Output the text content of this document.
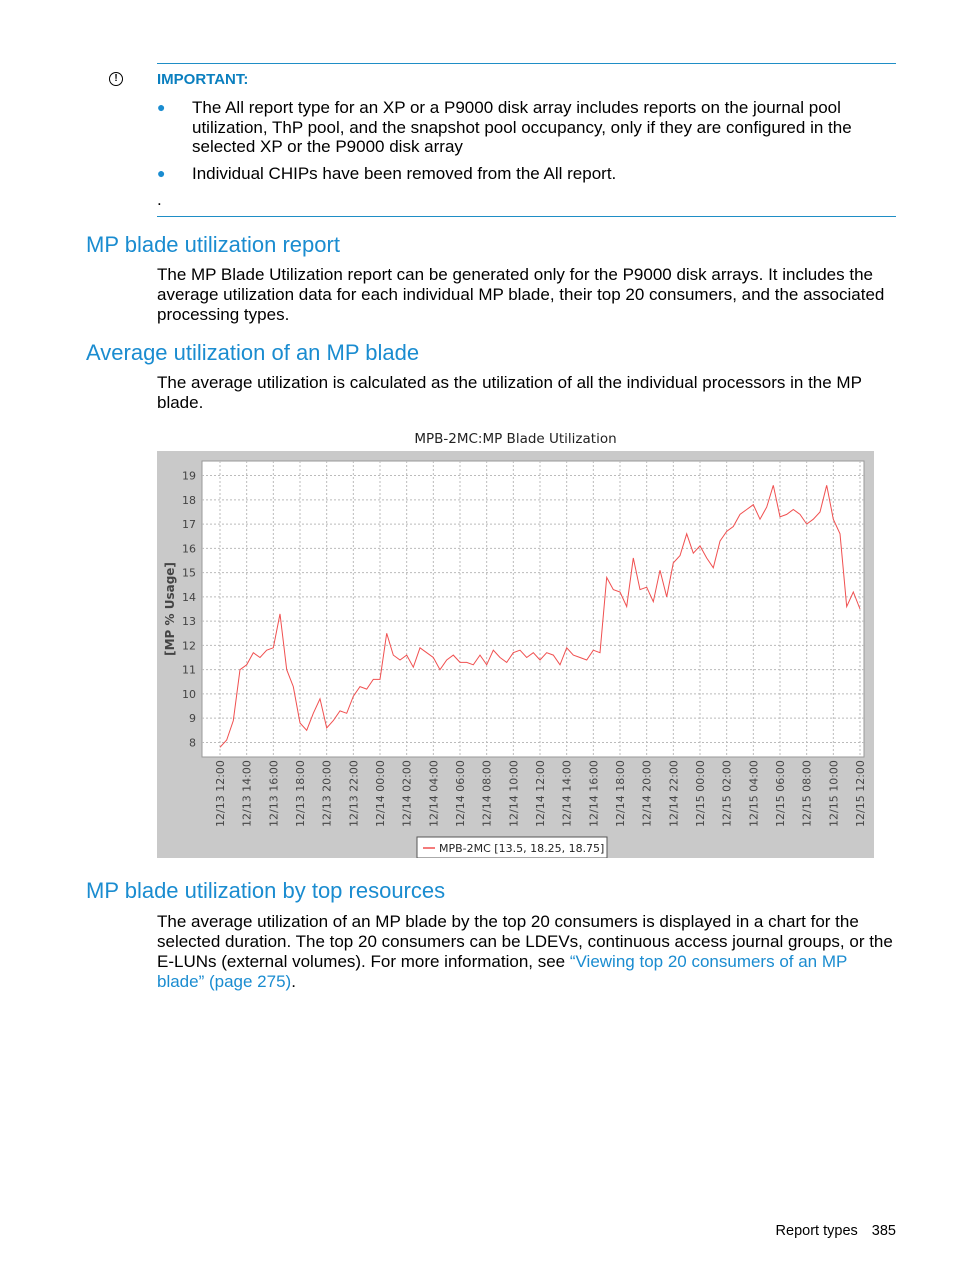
!	IMPORTANT:
●	The All report type for an XP or a P9000 disk array includes reports on the journal pool utilization, ThP pool, and the snapshot pool occupancy, only if they are configured in the selected XP or the P9000 disk array
●	Individual CHIPs have been removed from the All report.
.
MP blade utilization report

The MP Blade Utilization report can be generated only for the P9000 disk arrays. It includes the average utilization data for each individual MP blade, their top 20 consumers, and the associated processing types.

Average utilization of an MP blade

The average utilization is calculated as the utilization of all the individual processors in the MP blade.

MPB-2MC:MP Blade Utilization
8
9
10
11
12
13
14
15
16
17
18
19
12/13 12:00 12/13 14:00 12/13 16:00 12/13 18:00 12/13 20:00 12/13 22:00 12/14 00:00 12/14 02:00 12/14 04:00 12/14 06:00 12/14 08:00 12/14 10:00 12/14 12:00 12/14 14:00 12/14 16:00 12/14 18:00 12/14 20:00 12/14 22:00 12/15 00:00 12/15 02:00 12/15 04:00 12/15 06:00 12/15 08:00 12/15 10:00 12/15 12:00
[MP % Usage]
MPB-2MC [13.5, 18.25, 18.75]
MP blade utilization by top resources

The average utilization of an MP blade by the top 20 consumers is displayed in a chart for the selected duration. The top 20 consumers can be LDEVs, continuous access journal groups, or the E-LUNs (external volumes). For more information, see “Viewing top 20 consumers of an MP blade” (page 275).

Report types 385
